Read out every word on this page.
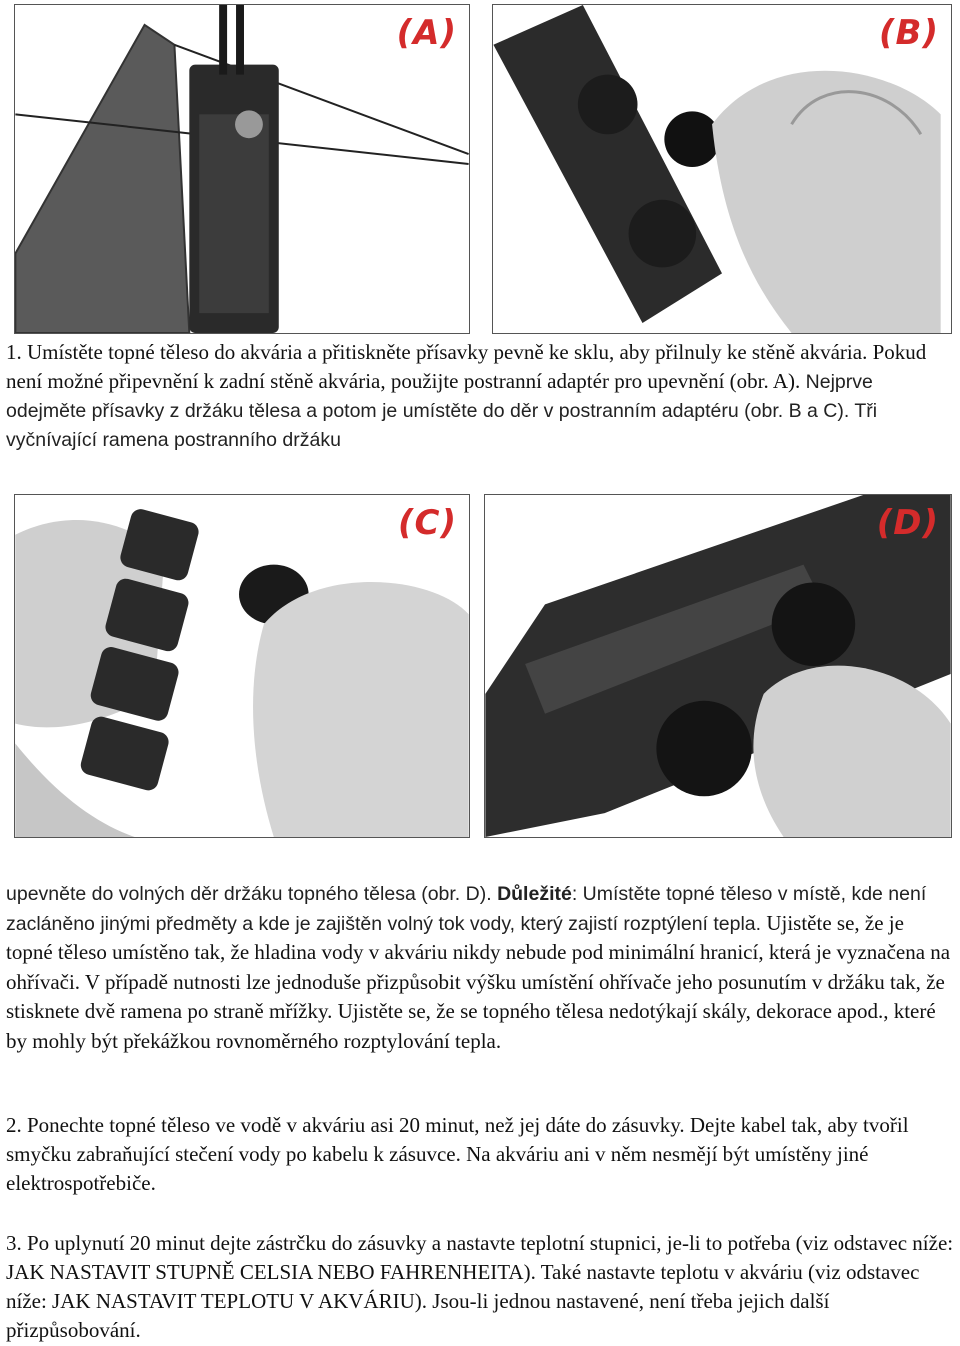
(A)	(B)

1. Umístěte topné těleso do akvária a přitiskněte přísavky pevně ke sklu, aby přilnuly ke stěně akvária. Pokud není možné připevnění k zadní stěně akvária, použijte postranní adaptér pro upevnění (obr. A). Nejprve odejměte přísavky z držáku tělesa a potom je umístěte do děr v postranním adaptéru (obr. B a C). Tři vyčnívající ramena postranního držáku

(C)	(D)

upevněte do volných děr držáku topného tělesa (obr. D). Důležité: Umístěte topné těleso v místě, kde není zacláněno jinými předměty a kde je zajištěn volný tok vody, který zajistí rozptýlení tepla. Ujistěte se, že je topné těleso umístěno tak, že hladina vody v akváriu nikdy nebude pod minimální hranicí, která je vyznačena na ohřívači. V případě nutnosti lze jednoduše přizpůsobit výšku umístění ohřívače jeho posunutím v držáku tak, že stisknete dvě ramena po straně mřížky. Ujistěte se, že se topného tělesa nedotýkají skály, dekorace apod., které by mohly být překážkou rovnoměrného rozptylování tepla.

2. Ponechte topné těleso ve vodě v akváriu asi 20 minut, než jej dáte do zásuvky. Dejte kabel tak, aby tvořil smyčku zabraňující stečení vody po kabelu k zásuvce. Na akváriu ani v něm nesmějí být umístěny jiné elektrospotřebiče.

3. Po uplynutí 20 minut dejte zástrčku do zásuvky a nastavte teplotní stupnici, je-li to potřeba (viz odstavec níže: JAK NASTAVIT STUPNĚ CELSIA NEBO FAHRENHEITA). Také nastavte teplotu v akváriu (viz odstavec níže: JAK NASTAVIT TEPLOTU V AKVÁRIU). Jsou-li jednou nastavené, není třeba jejich další přizpůsobování.
